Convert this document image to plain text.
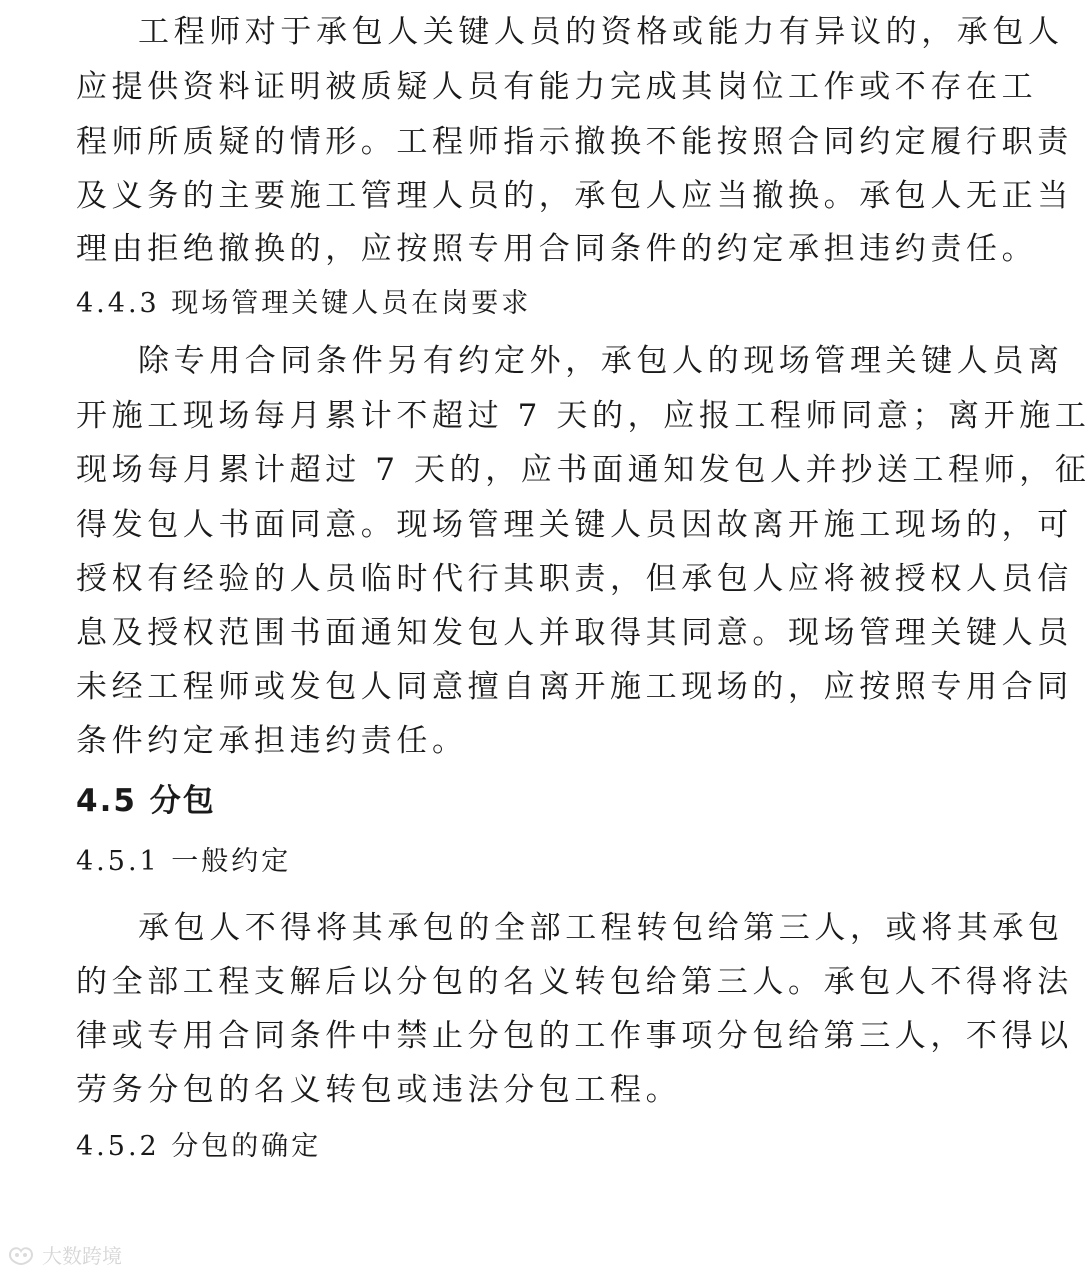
工程师对于承包人关键人员的资格或能力有异议的，承包人
应提供资料证明被质疑人员有能力完成其岗位工作或不存在工
程师所质疑的情形。工程师指示撤换不能按照合同约定履行职责
及义务的主要施工管理人员的，承包人应当撤换。承包人无正当
理由拒绝撤换的，应按照专用合同条件的约定承担违约责任。
4.4.3 现场管理关键人员在岗要求
除专用合同条件另有约定外，承包人的现场管理关键人员离
开施工现场每月累计不超过 7 天的，应报工程师同意；离开施工
现场每月累计超过 7 天的，应书面通知发包人并抄送工程师，征
得发包人书面同意。现场管理关键人员因故离开施工现场的，可
授权有经验的人员临时代行其职责，但承包人应将被授权人员信
息及授权范围书面通知发包人并取得其同意。现场管理关键人员
未经工程师或发包人同意擅自离开施工现场的，应按照专用合同
条件约定承担违约责任。
4.5 分包
4.5.1 一般约定
承包人不得将其承包的全部工程转包给第三人，或将其承包
的全部工程支解后以分包的名义转包给第三人。承包人不得将法
律或专用合同条件中禁止分包的工作事项分包给第三人，不得以
劳务分包的名义转包或违法分包工程。
4.5.2 分包的确定
大数跨境
